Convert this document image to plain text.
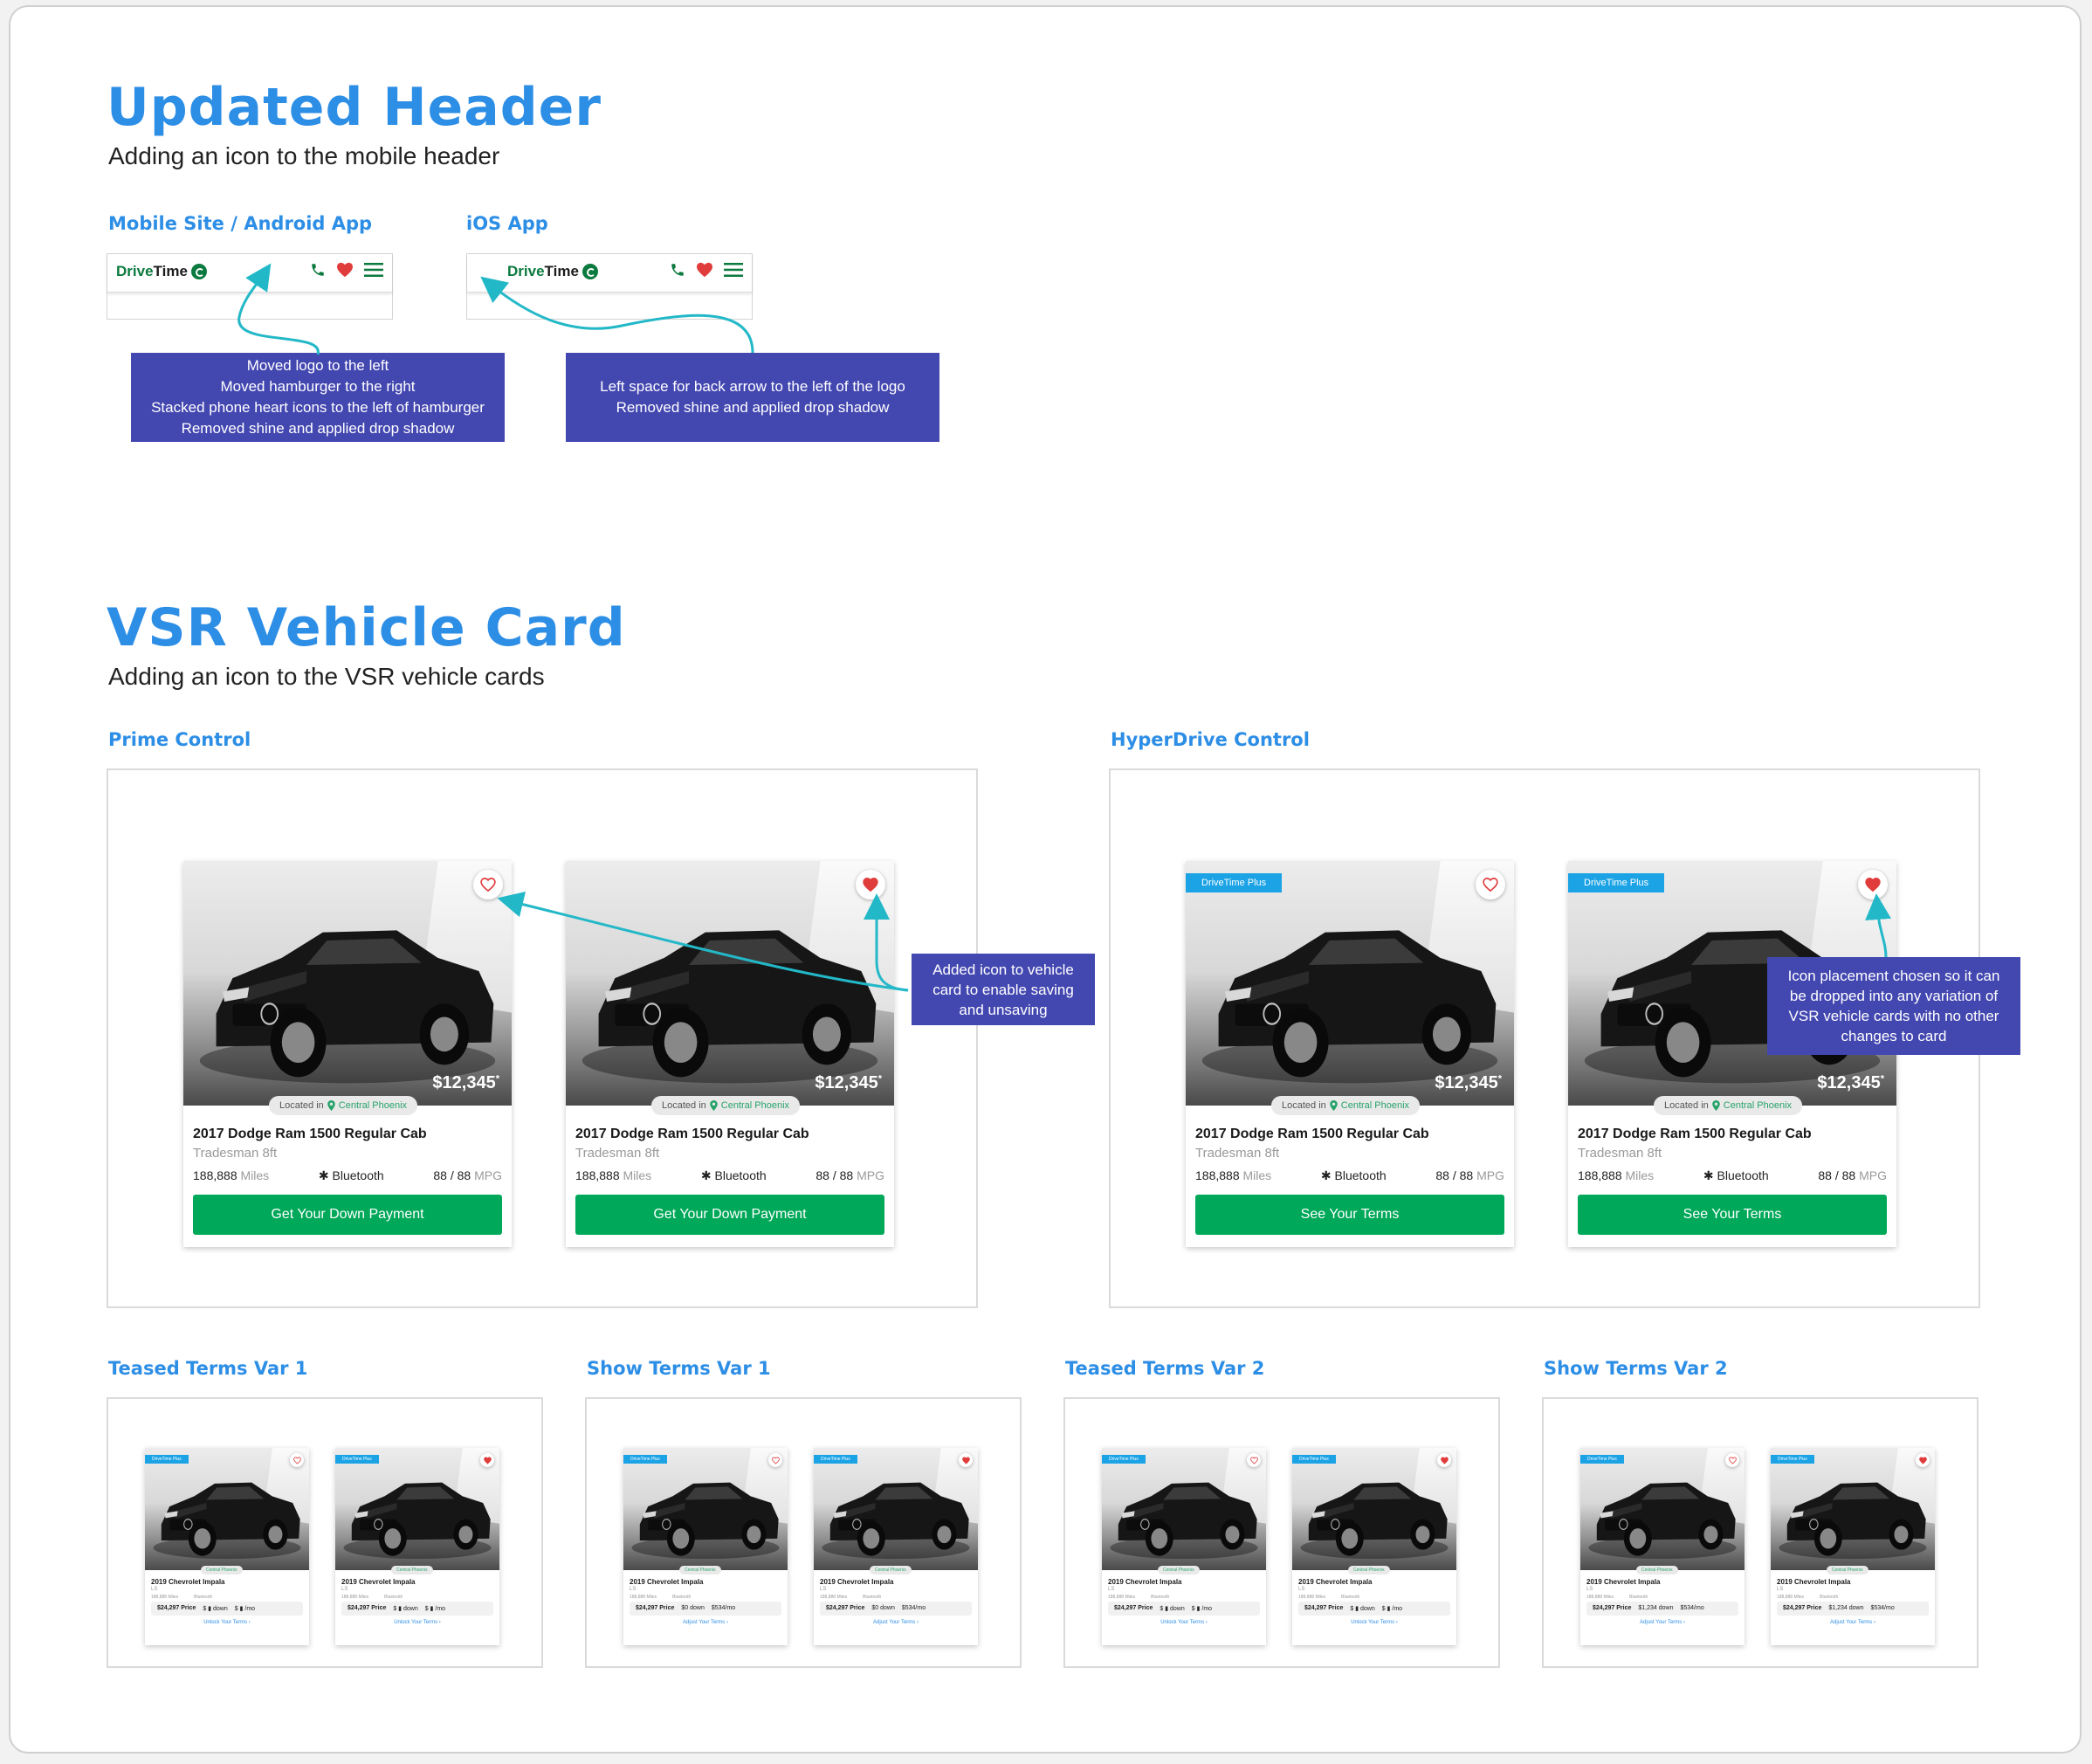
Updated Header
Adding an icon to the mobile header
Mobile Site / Android App	iOS App
DriveTime	DriveTime
Moved logo to the left
Moved hamburger to the right
Stacked phone heart icons to the left of hamburger
Removed shine and applied drop shadow
Left space for back arrow to the left of the logo
Removed shine and applied drop shadow
VSR Vehicle Card
Adding an icon to the VSR vehicle cards
Prime Control	HyperDrive Control
$12,345*
Located in Central Phoenix
2017 Dodge Ram 1500 Regular Cab
Tradesman 8ft
188,888 Miles	✱ Bluetooth	88 / 88 MPG
Get Your Down Payment
$12,345*
Located in Central Phoenix
2017 Dodge Ram 1500 Regular Cab
Tradesman 8ft
188,888 Miles	✱ Bluetooth	88 / 88 MPG
Get Your Down Payment
DriveTime Plus
$12,345*
Located in Central Phoenix
2017 Dodge Ram 1500 Regular Cab
Tradesman 8ft
188,888 Miles	✱ Bluetooth	88 / 88 MPG
See Your Terms
DriveTime Plus
$12,345*
Located in Central Phoenix
2017 Dodge Ram 1500 Regular Cab
Tradesman 8ft
188,888 Miles	✱ Bluetooth	88 / 88 MPG
See Your Terms
Added icon to vehicle
card to enable saving
and unsaving
Icon placement chosen so it can
be dropped into any variation of
VSR vehicle cards with no other
changes to card
Teased Terms Var 1	Show Terms Var 1	Teased Terms Var 2	Show Terms Var 2
DriveTime Plus
Central Phoenix
2019 Chevrolet Impala
LS
188,888 Miles	Bluetooth
$24,297 Price $ ▮ down $ ▮ /mo
Unlock Your Terms ›
DriveTime Plus
Central Phoenix
2019 Chevrolet Impala
LS
188,888 Miles	Bluetooth
$24,297 Price $ ▮ down $ ▮ /mo
Unlock Your Terms ›
DriveTime Plus
Central Phoenix
2019 Chevrolet Impala
LS
188,888 Miles	Bluetooth
$24,297 Price $0 down $534/mo
Adjust Your Terms ›
DriveTime Plus
Central Phoenix
2019 Chevrolet Impala
LS
188,888 Miles	Bluetooth
$24,297 Price $0 down $534/mo
Adjust Your Terms ›
DriveTime Plus
Central Phoenix
2019 Chevrolet Impala
LS
188,888 Miles	Bluetooth
$24,297 Price $ ▮ down $ ▮ /mo
Unlock Your Terms ›
DriveTime Plus
Central Phoenix
2019 Chevrolet Impala
LS
188,888 Miles	Bluetooth
$24,297 Price $ ▮ down $ ▮ /mo
Unlock Your Terms ›
DriveTime Plus
Central Phoenix
2019 Chevrolet Impala
LS
188,888 Miles	Bluetooth
$24,297 Price $1,234 down $534/mo
Adjust Your Terms ›
DriveTime Plus
Central Phoenix
2019 Chevrolet Impala
LS
188,888 Miles	Bluetooth
$24,297 Price $1,234 down $534/mo
Adjust Your Terms ›
